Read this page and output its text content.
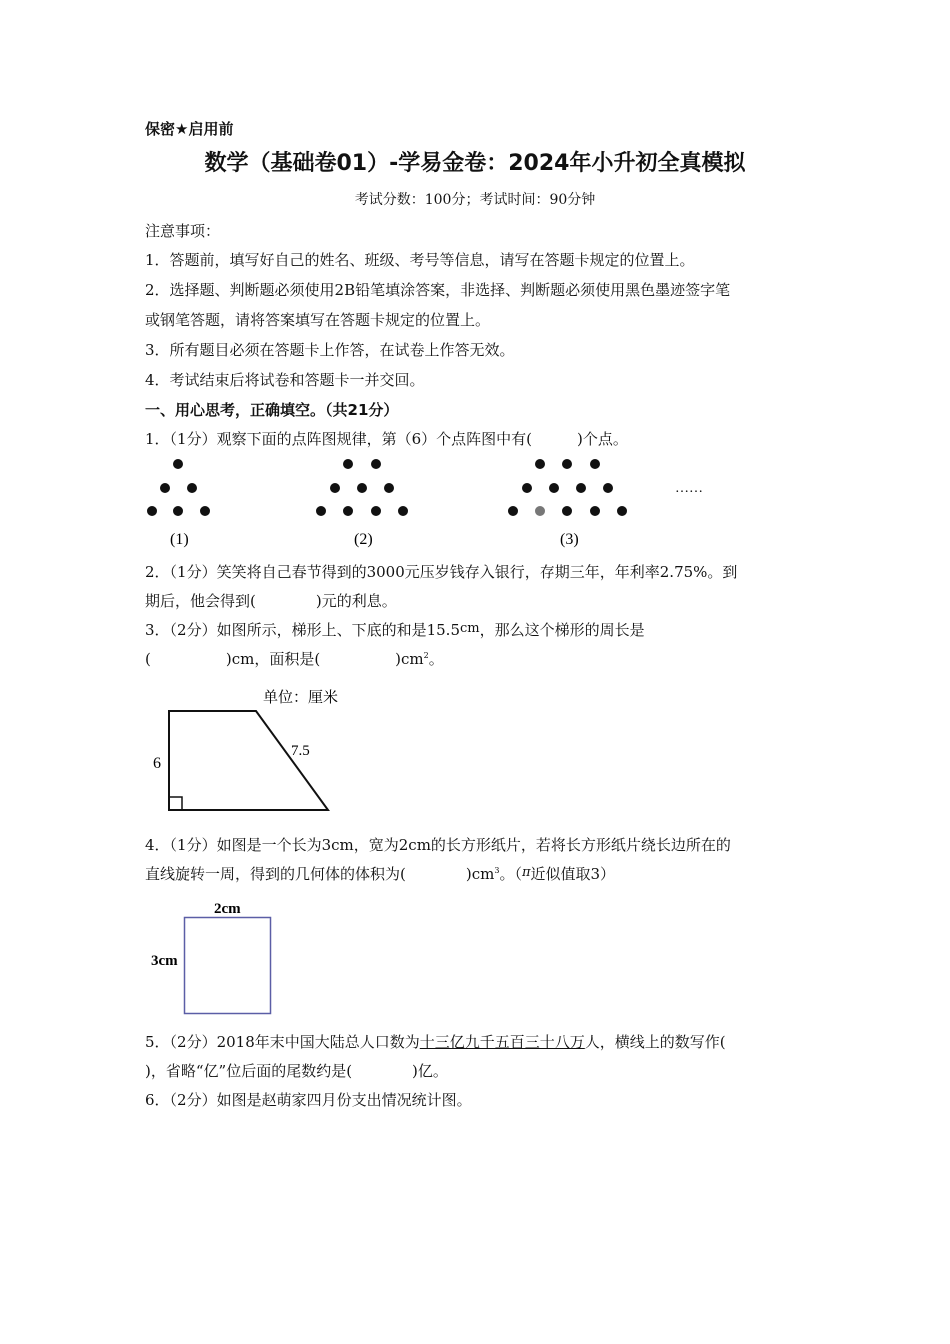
保密★启用前
数学（基础卷01）-学易金卷：2024年小升初全真模拟
考试分数：100分；考试时间：90分钟
注意事项：
1．答题前，填写好自己的姓名、班级、考号等信息，请写在答题卡规定的位置上。
2．选择题、判断题必须使用2B铅笔填涂答案，非选择、判断题必须使用黑色墨迹签字笔
或钢笔答题，请将答案填写在答题卡规定的位置上。
3．所有题目必须在答题卡上作答，在试卷上作答无效。
4．考试结束后将试卷和答题卡一并交回。
一、用心思考，正确填空。（共21分）
1．（1分）观察下面的点阵图规律，第（6）个点阵图中有(　　　)个点。
(1)	(2)	(3)
……
2．（1分）笑笑将自己春节得到的3000元压岁钱存入银行，存期三年，年利率2.75%。到
期后，他会得到(　　　　)元的利息。
3．（2分）如图所示，梯形上、下底的和是15.5cm，那么这个梯形的周长是
(　　　　　)cm，面积是(　　　　　)$cm^2$。
单位：厘米
6
7.5
4．（1分）如图是一个长为3cm，宽为2cm的长方形纸片，若将长方形纸片绕长边所在的
直线旋转一周，得到的几何体的体积为(　　　　)$cm^3$。（π近似值取3）
2cm
3cm
5．（2分）2018年末中国大陆总人口数为十三亿九千五百三十八万人，横线上的数写作(
)，省略“亿”位后面的尾数约是(　　　　)亿。
6．（2分）如图是赵萌家四月份支出情况统计图。
